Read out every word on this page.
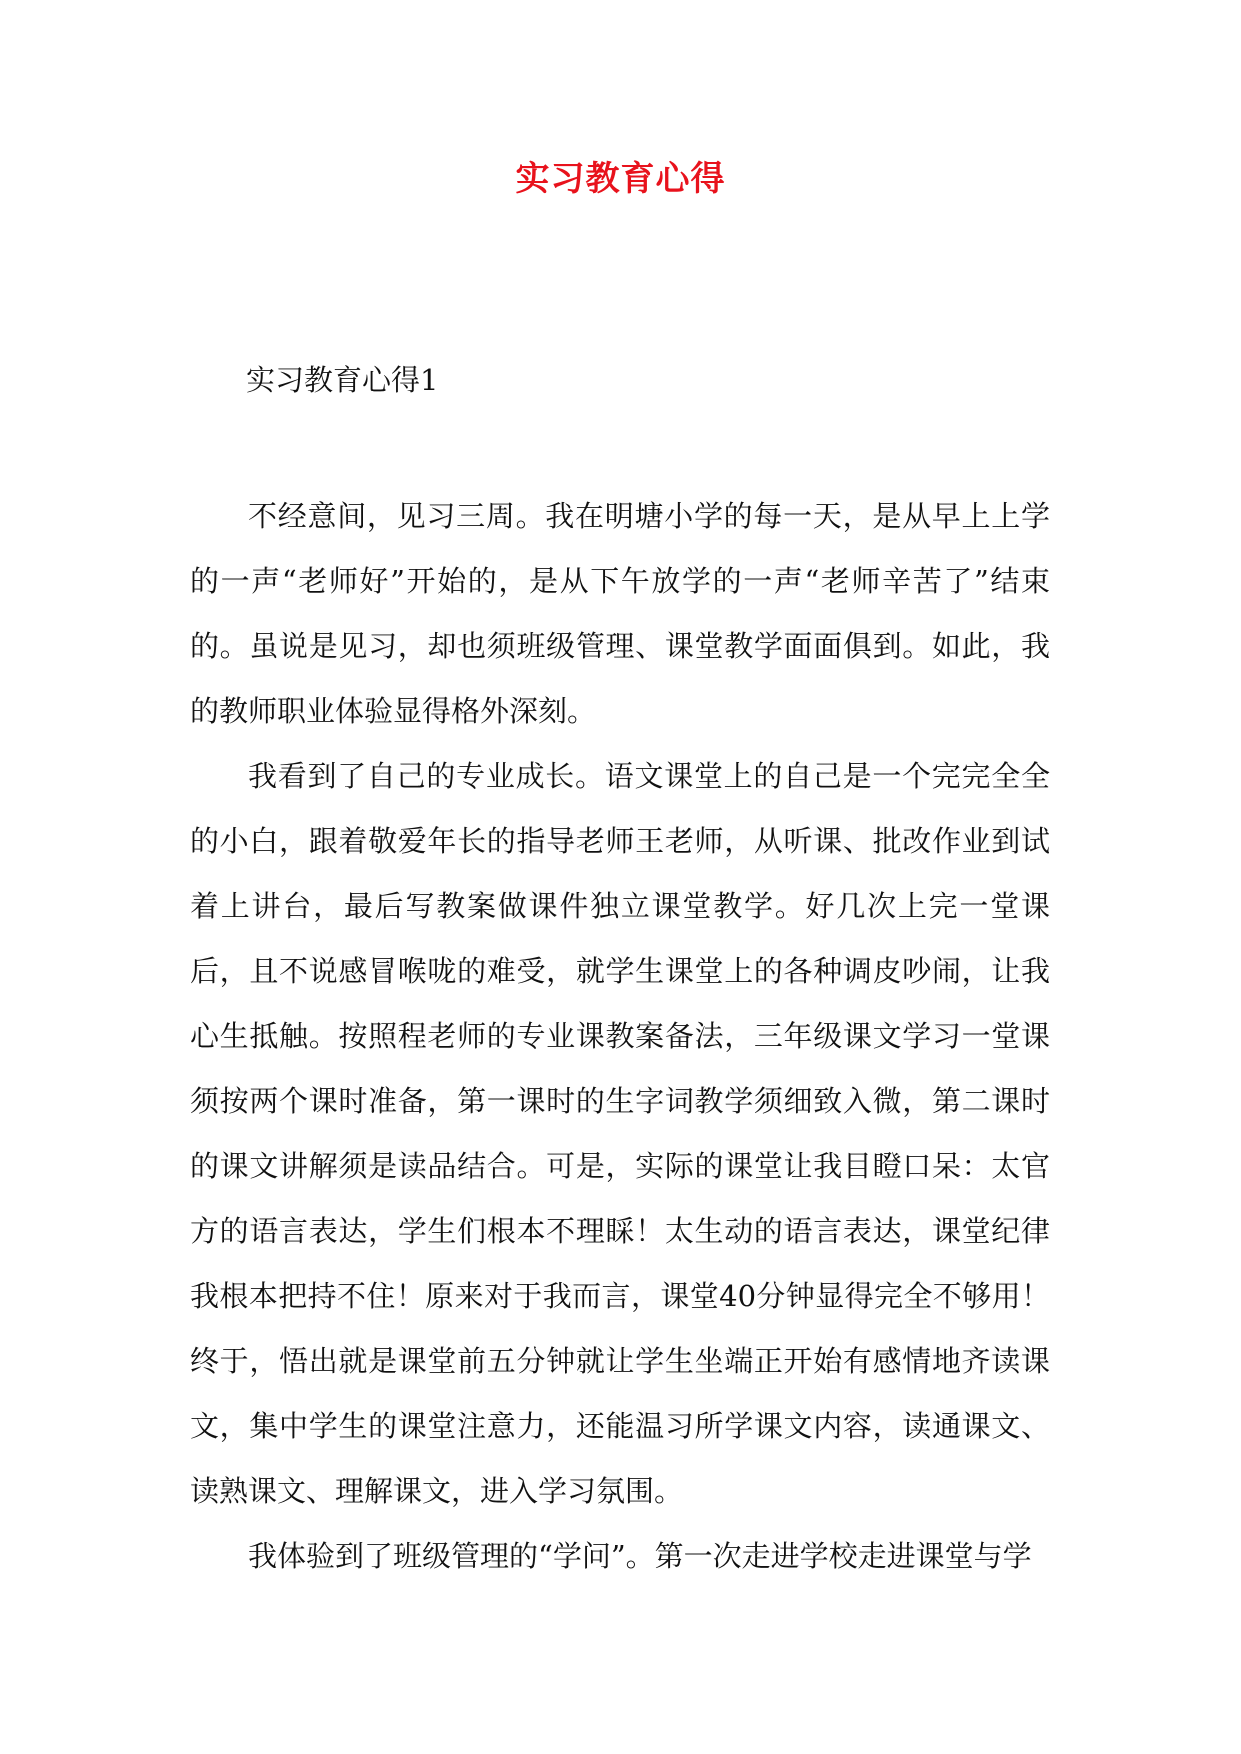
实习教育心得
实习教育心得1

不经意间，见习三周。我在明塘小学的每一天，是从早上上学的一声“老师好”开始的，是从下午放学的一声“老师辛苦了”结束的。虽说是见习，却也须班级管理、课堂教学面面俱到。如此，我的教师职业体验显得格外深刻。

我看到了自己的专业成长。语文课堂上的自己是一个完完全全的小白，跟着敬爱年长的指导老师王老师，从听课、批改作业到试着上讲台，最后写教案做课件独立课堂教学。好几次上完一堂课后，且不说感冒喉咙的难受，就学生课堂上的各种调皮吵闹，让我心生抵触。按照程老师的专业课教案备法，三年级课文学习一堂课须按两个课时准备，第一课时的生字词教学须细致入微，第二课时的课文讲解须是读品结合。可是，实际的课堂让我目瞪口呆：太官方的语言表达，学生们根本不理睬！太生动的语言表达，课堂纪律我根本把持不住！原来对于我而言，课堂40分钟显得完全不够用！终于，悟出就是课堂前五分钟就让学生坐端正开始有感情地齐读课文，集中学生的课堂注意力，还能温习所学课文内容，读通课文、读熟课文、理解课文，进入学习氛围。

我体验到了班级管理的“学问”。第一次走进学校走进课堂与学
